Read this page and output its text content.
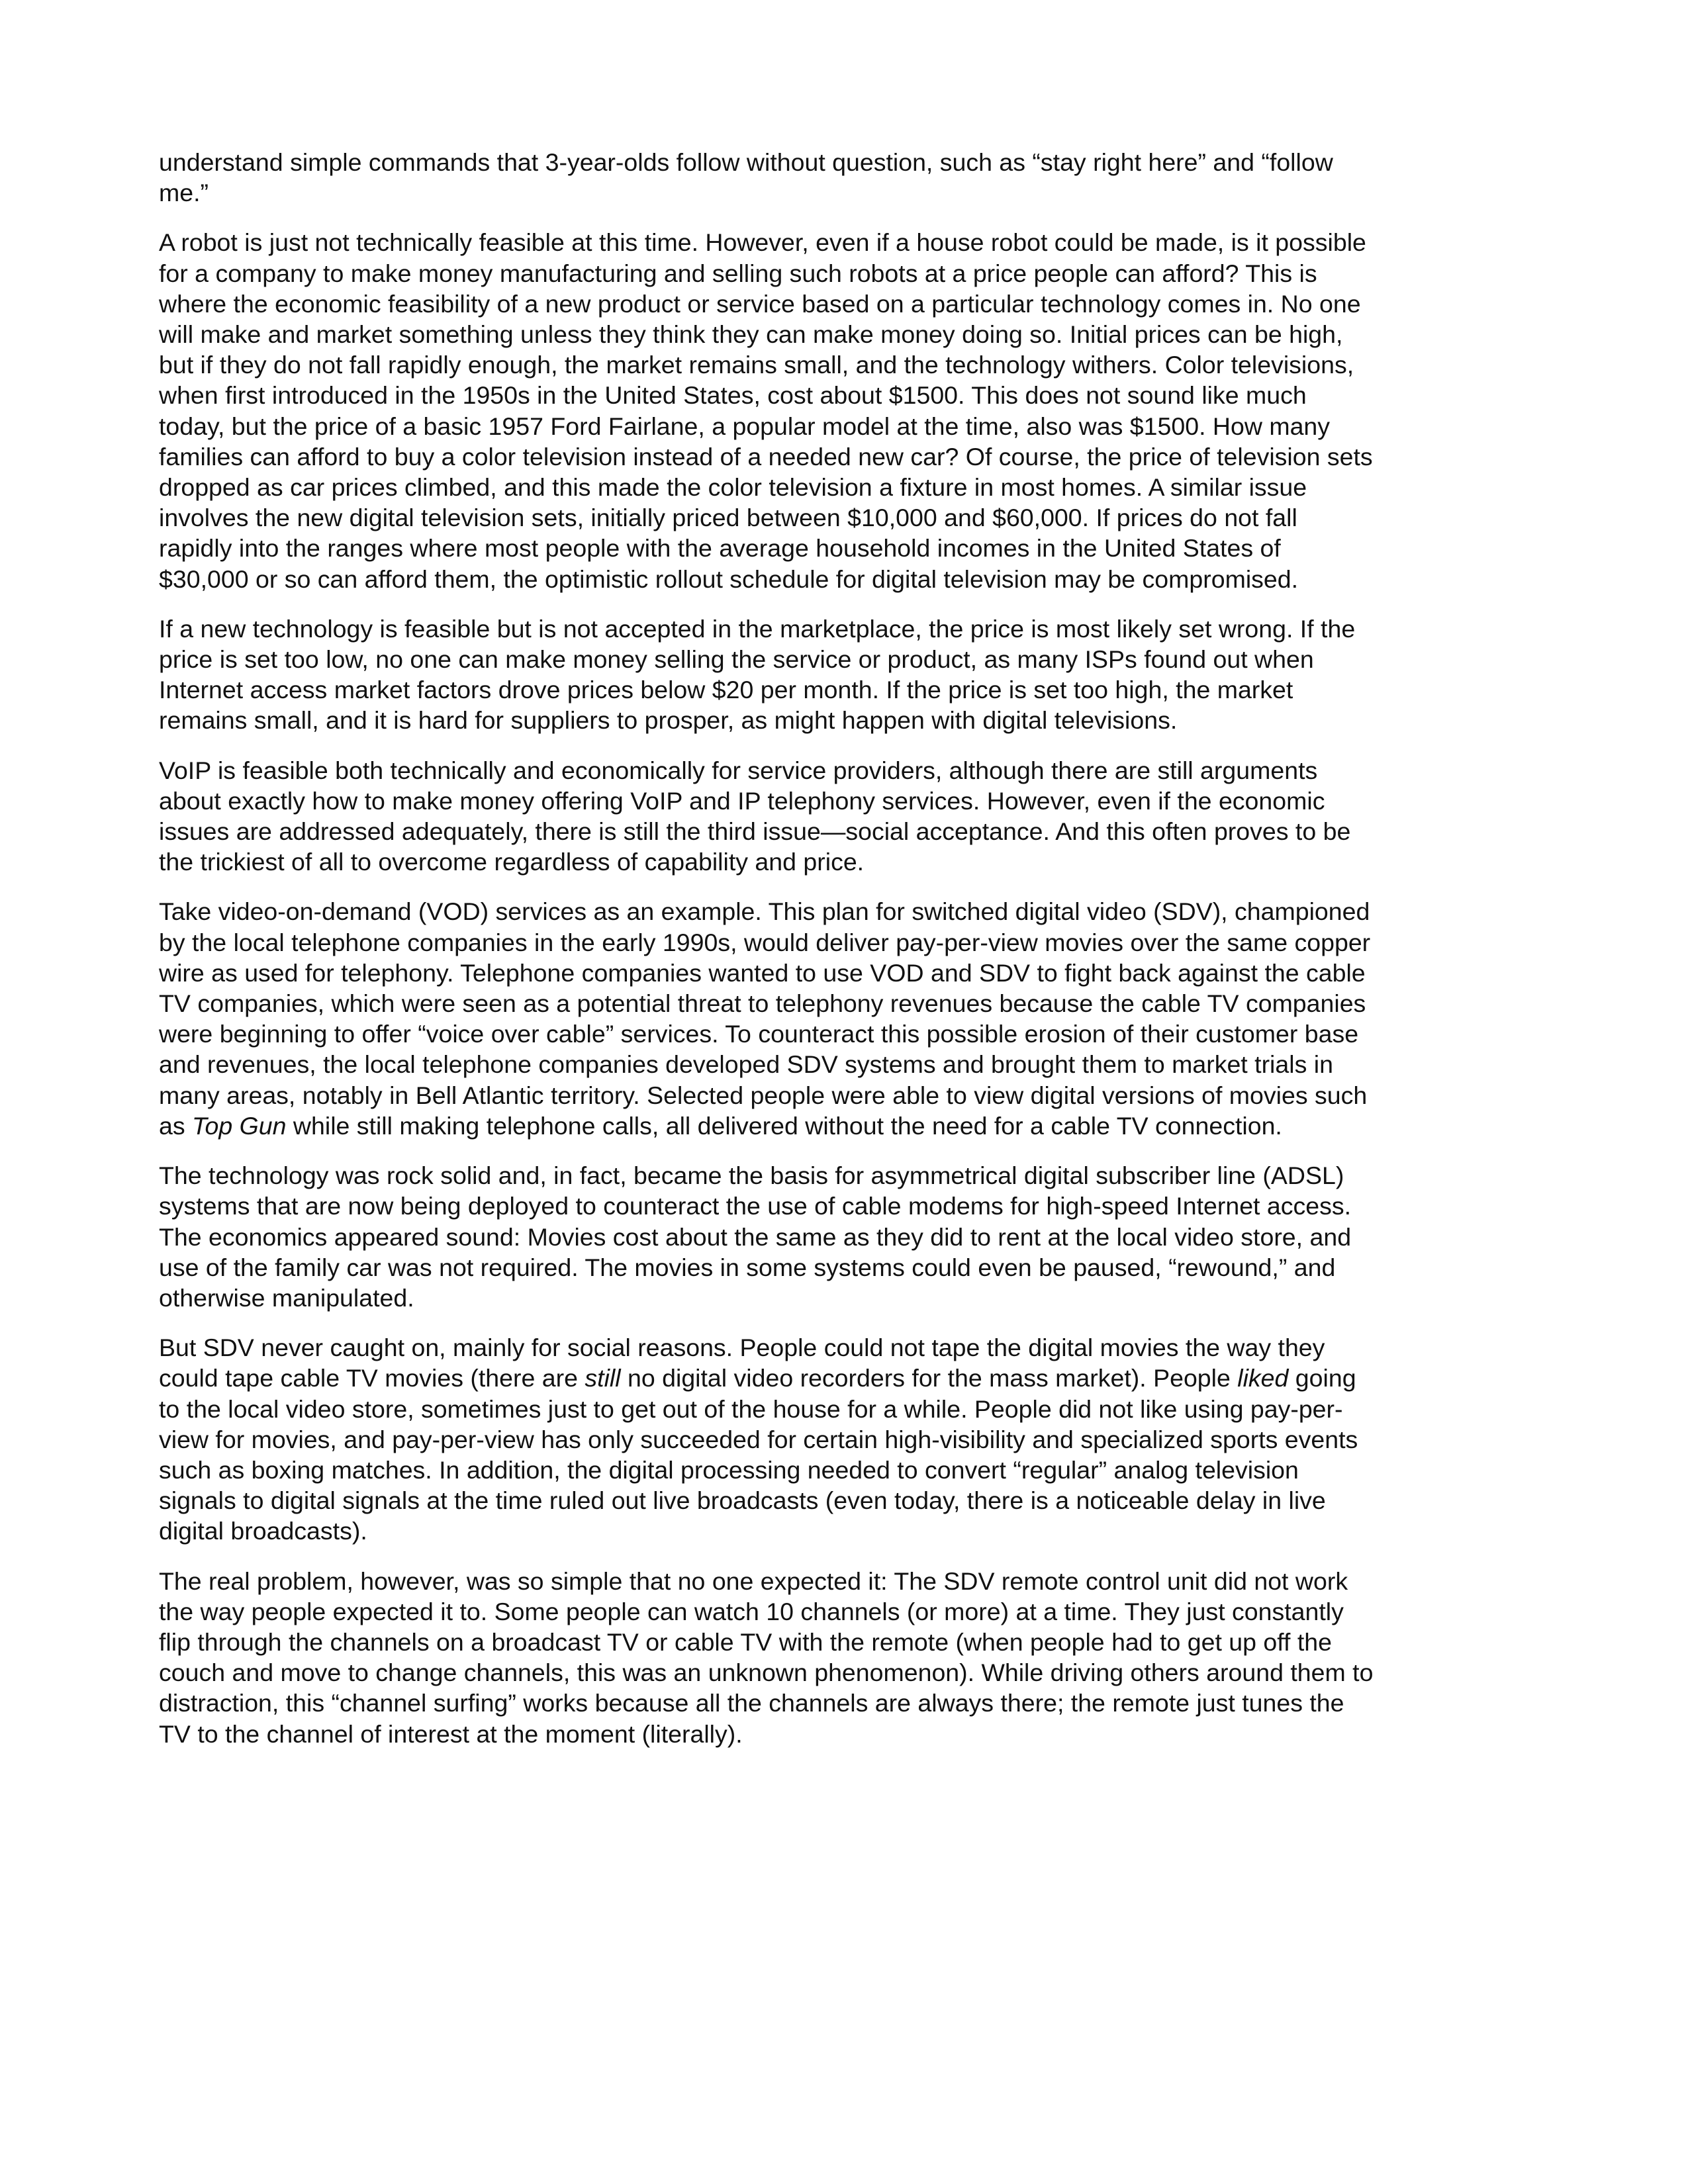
understand simple commands that 3-year-olds follow without question, such as “stay right here” and “follow me.”

A robot is just not technically feasible at this time. However, even if a house robot could be made, is it possible for a company to make money manufacturing and selling such robots at a price people can afford? This is where the economic feasibility of a new product or service based on a particular technology comes in. No one will make and market something unless they think they can make money doing so. Initial prices can be high, but if they do not fall rapidly enough, the market remains small, and the technology withers. Color televisions, when first introduced in the 1950s in the United States, cost about $1500. This does not sound like much today, but the price of a basic 1957 Ford Fairlane, a popular model at the time, also was $1500. How many families can afford to buy a color television instead of a needed new car? Of course, the price of television sets dropped as car prices climbed, and this made the color television a fixture in most homes. A similar issue involves the new digital television sets, initially priced between $10,000 and $60,000. If prices do not fall rapidly into the ranges where most people with the average household incomes in the United States of $30,000 or so can afford them, the optimistic rollout schedule for digital television may be compromised.

If a new technology is feasible but is not accepted in the marketplace, the price is most likely set wrong. If the price is set too low, no one can make money selling the service or product, as many ISPs found out when Internet access market factors drove prices below $20 per month. If the price is set too high, the market remains small, and it is hard for suppliers to prosper, as might happen with digital televisions.

VoIP is feasible both technically and economically for service providers, although there are still arguments about exactly how to make money offering VoIP and IP telephony services. However, even if the economic issues are addressed adequately, there is still the third issue—social acceptance. And this often proves to be the trickiest of all to overcome regardless of capability and price.

Take video-on-demand (VOD) services as an example. This plan for switched digital video (SDV), championed by the local telephone companies in the early 1990s, would deliver pay-per-view movies over the same copper wire as used for telephony. Telephone companies wanted to use VOD and SDV to fight back against the cable TV companies, which were seen as a potential threat to telephony revenues because the cable TV companies were beginning to offer “voice over cable” services. To counteract this possible erosion of their customer base and revenues, the local telephone companies developed SDV systems and brought them to market trials in many areas, notably in Bell Atlantic territory. Selected people were able to view digital versions of movies such as Top Gun while still making telephone calls, all delivered without the need for a cable TV connection.

The technology was rock solid and, in fact, became the basis for asymmetrical digital subscriber line (ADSL) systems that are now being deployed to counteract the use of cable modems for high-speed Internet access. The economics appeared sound: Movies cost about the same as they did to rent at the local video store, and use of the family car was not required. The movies in some systems could even be paused, “rewound,” and otherwise manipulated.

But SDV never caught on, mainly for social reasons. People could not tape the digital movies the way they could tape cable TV movies (there are still no digital video recorders for the mass market). People liked going to the local video store, sometimes just to get out of the house for a while. People did not like using pay-per-view for movies, and pay-per-view has only succeeded for certain high-visibility and specialized sports events such as boxing matches. In addition, the digital processing needed to convert “regular” analog television signals to digital signals at the time ruled out live broadcasts (even today, there is a noticeable delay in live digital broadcasts).

The real problem, however, was so simple that no one expected it: The SDV remote control unit did not work the way people expected it to. Some people can watch 10 channels (or more) at a time. They just constantly flip through the channels on a broadcast TV or cable TV with the remote (when people had to get up off the couch and move to change channels, this was an unknown phenomenon). While driving others around them to distraction, this “channel surfing” works because all the channels are always there; the remote just tunes the TV to the channel of interest at the moment (literally).
